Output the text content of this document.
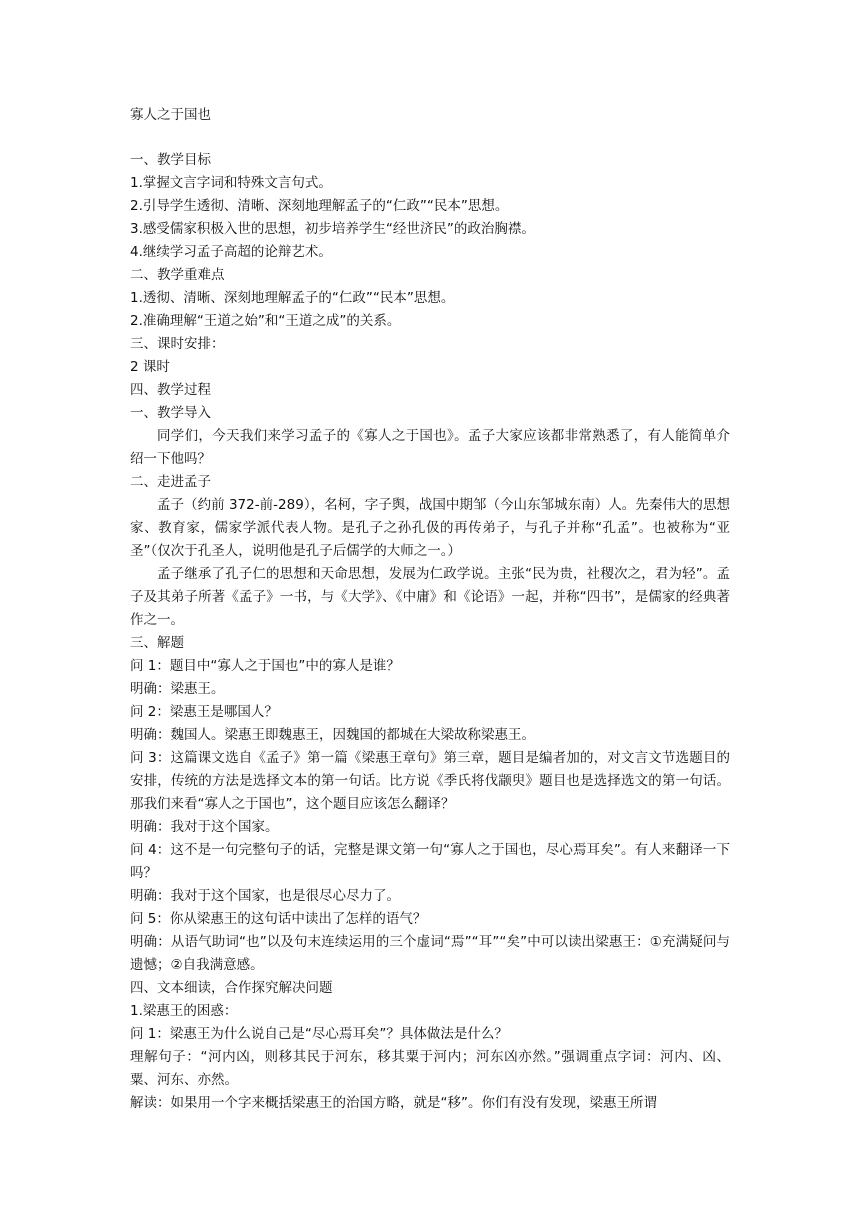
寡人之于国也

一、教学目标

1.掌握文言字词和特殊文言句式。

2.引导学生透彻、清晰、深刻地理解孟子的“仁政”“民本”思想。

3.感受儒家积极入世的思想，初步培养学生“经世济民”的政治胸襟。

4.继续学习孟子高超的论辩艺术。

二、教学重难点

1.透彻、清晰、深刻地理解孟子的“仁政”“民本”思想。

2.准确理解“王道之始”和“王道之成”的关系。

三、课时安排：

2 课时

四、教学过程

一、教学导入

同学们，今天我们来学习孟子的《寡人之于国也》。孟子大家应该都非常熟悉了，有人能简单介绍一下他吗？

二、走进孟子

孟子（约前 372-前-289），名柯，字子舆，战国中期邹（今山东邹城东南）人。先秦伟大的思想家、教育家，儒家学派代表人物。是孔子之孙孔伋的再传弟子，与孔子并称“孔孟”。也被称为“亚圣”（仅次于孔圣人，说明他是孔子后儒学的大师之一。）

孟子继承了孔子仁的思想和天命思想，发展为仁政学说。主张“民为贵，社稷次之，君为轻”。孟子及其弟子所著《孟子》一书，与《大学》、《中庸》和《论语》一起，并称“四书”，是儒家的经典著作之一。

三、解题

问 1：题目中“寡人之于国也”中的寡人是谁？

明确：梁惠王。

问 2：梁惠王是哪国人？

明确：魏国人。梁惠王即魏惠王，因魏国的都城在大梁故称梁惠王。

问 3：这篇课文选自《孟子》第一篇《梁惠王章句》第三章，题目是编者加的，对文言文节选题目的安排，传统的方法是选择文本的第一句话。比方说《季氏将伐颛臾》题目也是选择选文的第一句话。那我们来看“寡人之于国也”，这个题目应该怎么翻译？

明确：我对于这个国家。

问 4：这不是一句完整句子的话，完整是课文第一句“寡人之于国也，尽心焉耳矣”。有人来翻译一下吗？

明确：我对于这个国家，也是很尽心尽力了。

问 5：你从梁惠王的这句话中读出了怎样的语气？

明确：从语气助词“也”以及句末连续运用的三个虚词“焉”“耳”“矣”中可以读出梁惠王：①充满疑问与遗憾；②自我满意感。

四、文本细读，合作探究解决问题

1.梁惠王的困惑：

问 1：梁惠王为什么说自己是“尽心焉耳矣”？具体做法是什么？

理解句子：“河内凶，则移其民于河东，移其粟于河内；河东凶亦然。”强调重点字词：河内、凶、粟、河东、亦然。

解读：如果用一个字来概括梁惠王的治国方略，就是“移”。你们有没有发现，梁惠王所谓
